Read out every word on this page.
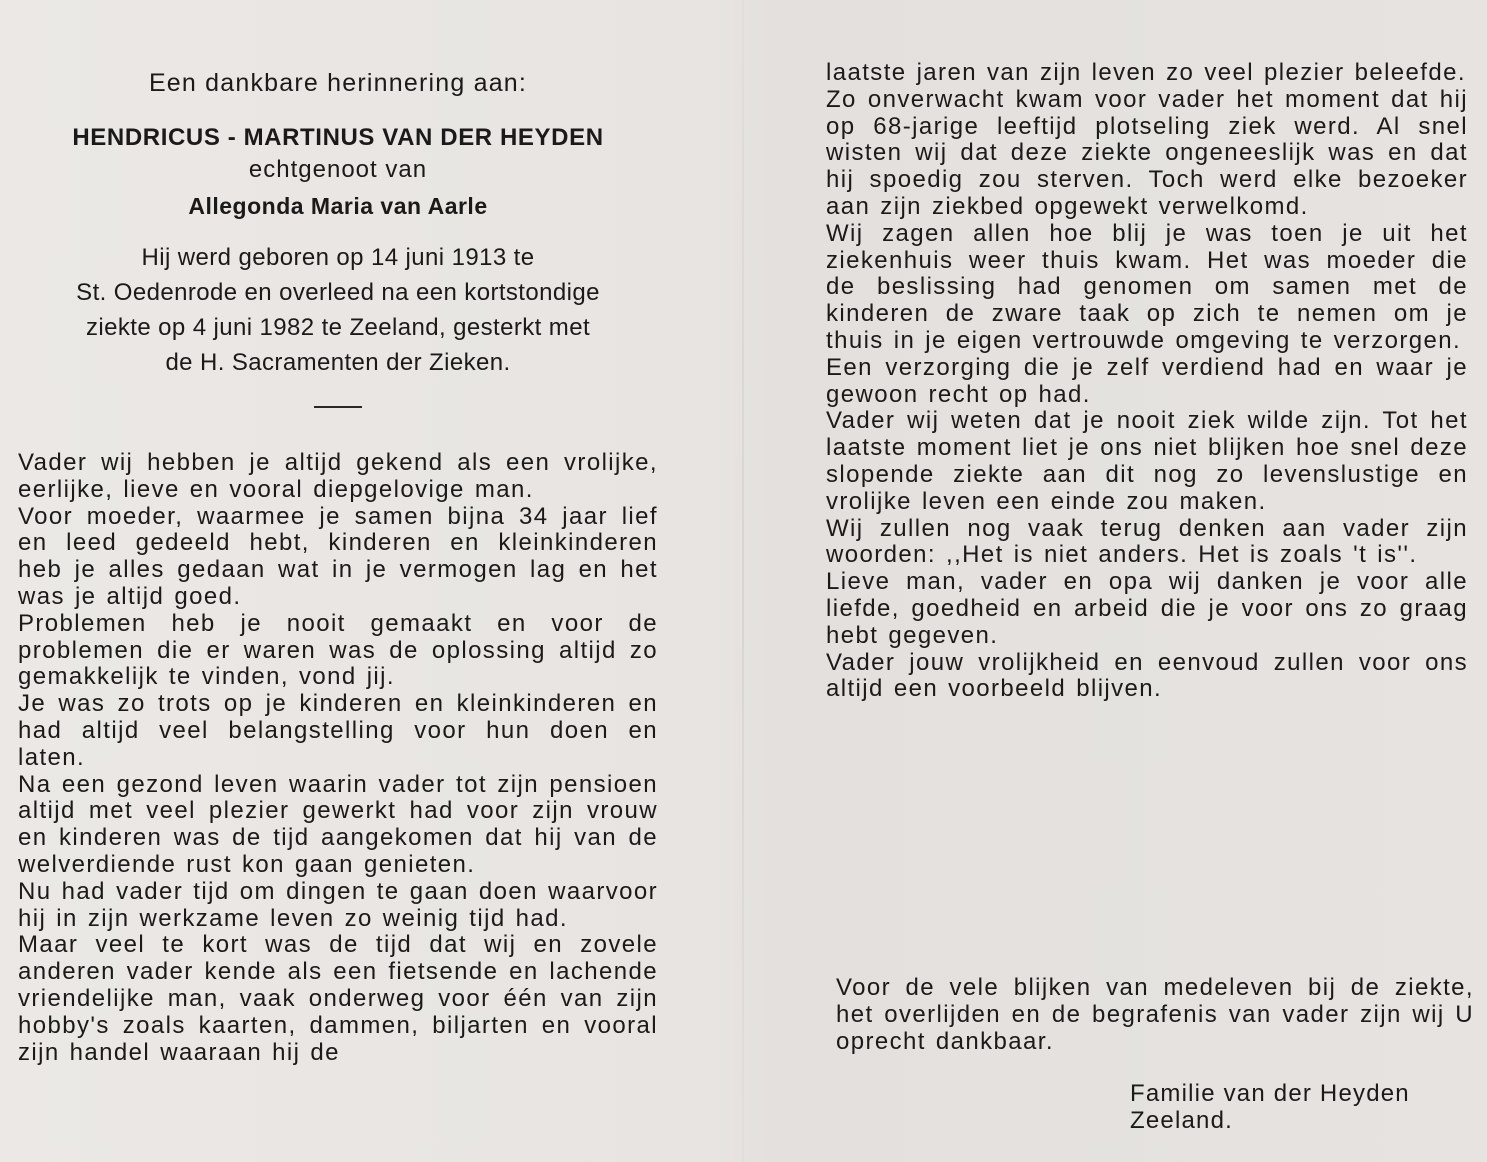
Een dankbare herinnering aan:
HENDRICUS - MARTINUS VAN DER HEYDEN
echtgenoot van
Allegonda Maria van Aarle
Hij werd geboren op 14 juni 1913 te
St. Oedenrode en overleed na een kortstondige
ziekte op 4 juni 1982 te Zeeland, gesterkt met
de H. Sacramenten der Zieken.

Vader wij hebben je altijd gekend als een vrolijke, eerlijke, lieve en vooral diepgelovige man.

Voor moeder, waarmee je samen bijna 34 jaar lief en leed gedeeld hebt, kinderen en kleinkinderen heb je alles gedaan wat in je vermogen lag en het was je altijd goed.

Problemen heb je nooit gemaakt en voor de problemen die er waren was de oplossing altijd zo gemakkelijk te vinden, vond jij.

Je was zo trots op je kinderen en kleinkinderen en had altijd veel belangstelling voor hun doen en laten.

Na een gezond leven waarin vader tot zijn pensioen altijd met veel plezier gewerkt had voor zijn vrouw en kinderen was de tijd aangekomen dat hij van de welverdiende rust kon gaan genieten.

Nu had vader tijd om dingen te gaan doen waarvoor hij in zijn werkzame leven zo weinig tijd had.

Maar veel te kort was de tijd dat wij en zovele anderen vader kende als een fietsende en lachende vriendelijke man, vaak onderweg voor één van zijn hobby's zoals kaarten, dammen, biljarten en vooral zijn handel waaraan hij de

laatste jaren van zijn leven zo veel plezier beleefde.

Zo onverwacht kwam voor vader het moment dat hij op 68-jarige leeftijd plotseling ziek werd. Al snel wisten wij dat deze ziekte ongeneeslijk was en dat hij spoedig zou sterven. Toch werd elke bezoeker aan zijn ziekbed opgewekt verwelkomd.

Wij zagen allen hoe blij je was toen je uit het ziekenhuis weer thuis kwam. Het was moeder die de beslissing had genomen om samen met de kinderen de zware taak op zich te nemen om je thuis in je eigen vertrouwde omgeving te verzorgen.

Een verzorging die je zelf verdiend had en waar je gewoon recht op had.

Vader wij weten dat je nooit ziek wilde zijn. Tot het laatste moment liet je ons niet blijken hoe snel deze slopende ziekte aan dit nog zo levenslustige en vrolijke leven een einde zou maken.

Wij zullen nog vaak terug denken aan vader zijn woorden: ,,Het is niet anders. Het is zoals 't is''.

Lieve man, vader en opa wij danken je voor alle liefde, goedheid en arbeid die je voor ons zo graag hebt gegeven.

Vader jouw vrolijkheid en eenvoud zullen voor ons altijd een voorbeeld blijven.

Voor de vele blijken van medeleven bij de ziekte, het overlijden en de begrafenis van vader zijn wij U oprecht dankbaar.

Familie van der Heyden
Zeeland.
